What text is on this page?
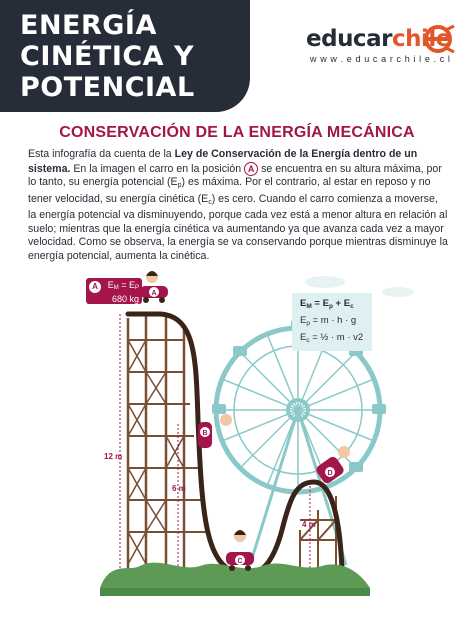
ENERGÍA
CINÉTICA Y
POTENCIAL
educarchile
w w w . e d u c a r c h i l e . c l
CONSERVACIÓN DE LA ENERGÍA MECÁNICA
Esta infografía da cuenta de la Ley de Conservación de la Energía dentro de un sistema. En la imagen el carro en la posición A se encuentra en su altura máxima, por lo tanto, su energía potencial $(E_p)$ es máxima. Por el contrario, al estar en reposo y no tener velocidad, su energía cinética $(E_c)$ es cero. Cuando el carro comienza a moverse, la energía potencial va disminuyendo, porque cada vez está a menor altura en relación al suelo; mientras que la energía cinética va aumentando ya que avanza cada vez a mayor velocidad. Como se observa, la energía se va conservando porque mientras disminuye la energía potencial, aumenta la cinética.
A
B
C
D
12 m
6 m
4 m
A	EM = EP
680 kg	$E_M = E_p + E_c$
$E_p = m \cdot h \cdot g$
$E_c$ = ½ · m · v2
